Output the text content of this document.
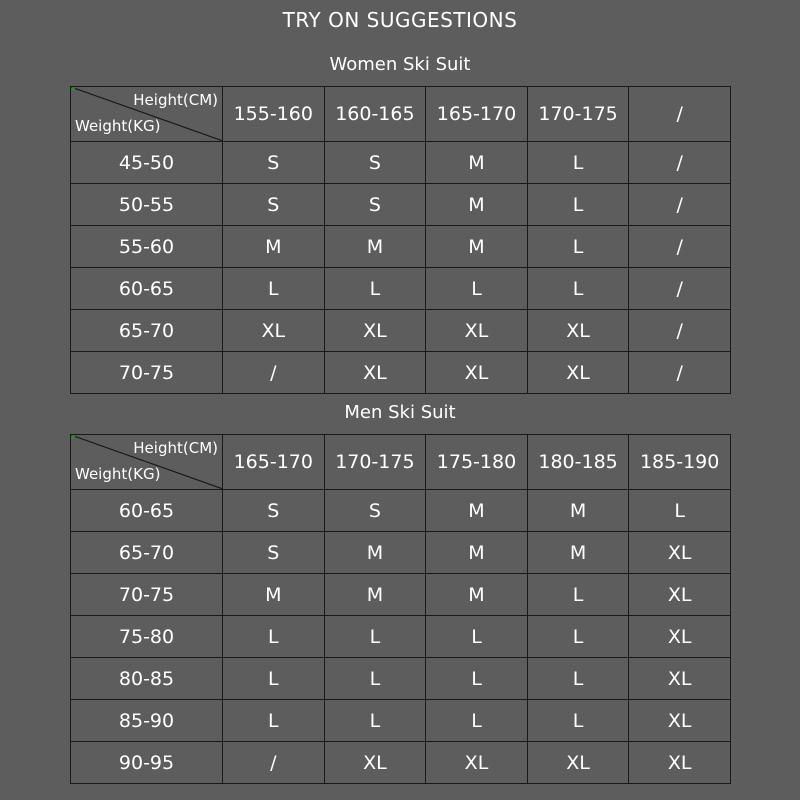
TRY ON SUGGESTIONS
Women Ski Suit
Height(CM)
Weight(KG)	155-160	160-165	165-170	170-175	/
45-50	S	S	M	L	/
50-55	S	S	M	L	/
55-60	M	M	M	L	/
60-65	L	L	L	L	/
65-70	XL	XL	XL	XL	/
70-75	/	XL	XL	XL	/
Men Ski Suit
Height(CM)
Weight(KG)	165-170	170-175	175-180	180-185	185-190
60-65	S	S	M	M	L
65-70	S	M	M	M	XL
70-75	M	M	M	L	XL
75-80	L	L	L	L	XL
80-85	L	L	L	L	XL
85-90	L	L	L	L	XL
90-95	/	XL	XL	XL	XL
